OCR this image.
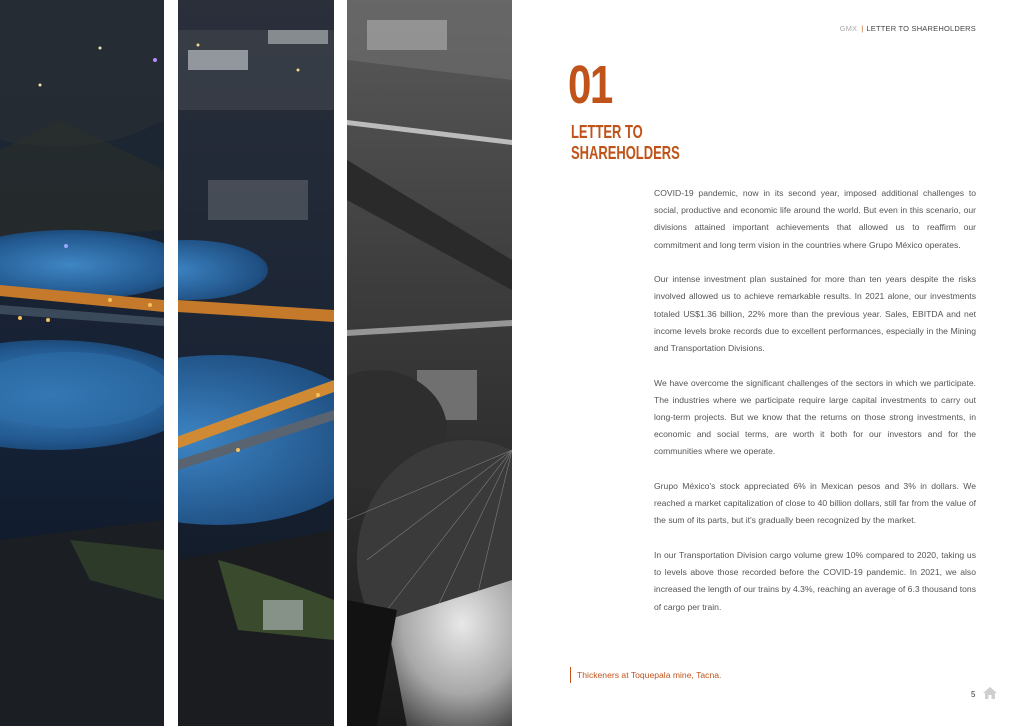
GMX | LETTER TO SHAREHOLDERS
01
LETTER TO
SHAREHOLDERS

COVID-19 pandemic, now in its second year, imposed additional challenges to social, productive and economic life around the world. But even in this scenario, our divisions attained important achievements that allowed us to reaffirm our commitment and long term vision in the countries where Grupo México operates.

Our intense investment plan sustained for more than ten years despite the risks involved allowed us to achieve remarkable results. In 2021 alone, our investments totaled US$1.36 billion, 22% more than the previous year. Sales, EBITDA and net income levels broke records due to excellent performances, especially in the Mining and Transportation Divisions.

We have overcome the significant challenges of the sectors in which we participate. The industries where we participate require large capital investments to carry out long-term projects. But we know that the returns on those strong investments, in economic and social terms, are worth it both for our investors and for the communities where we operate.

Grupo México's stock appreciated 6% in Mexican pesos and 3% in dollars. We reached a market capitalization of close to 40 billion dollars, still far from the value of the sum of its parts, but it's gradually been recognized by the market.

In our Transportation Division cargo volume grew 10% compared to 2020, taking us to levels above those recorded before the COVID-19 pandemic. In 2021, we also increased the length of our trains by 4.3%, reaching an average of 6.3 thousand tons of cargo per train.

Thickeners at Toquepala mine, Tacna.
5
